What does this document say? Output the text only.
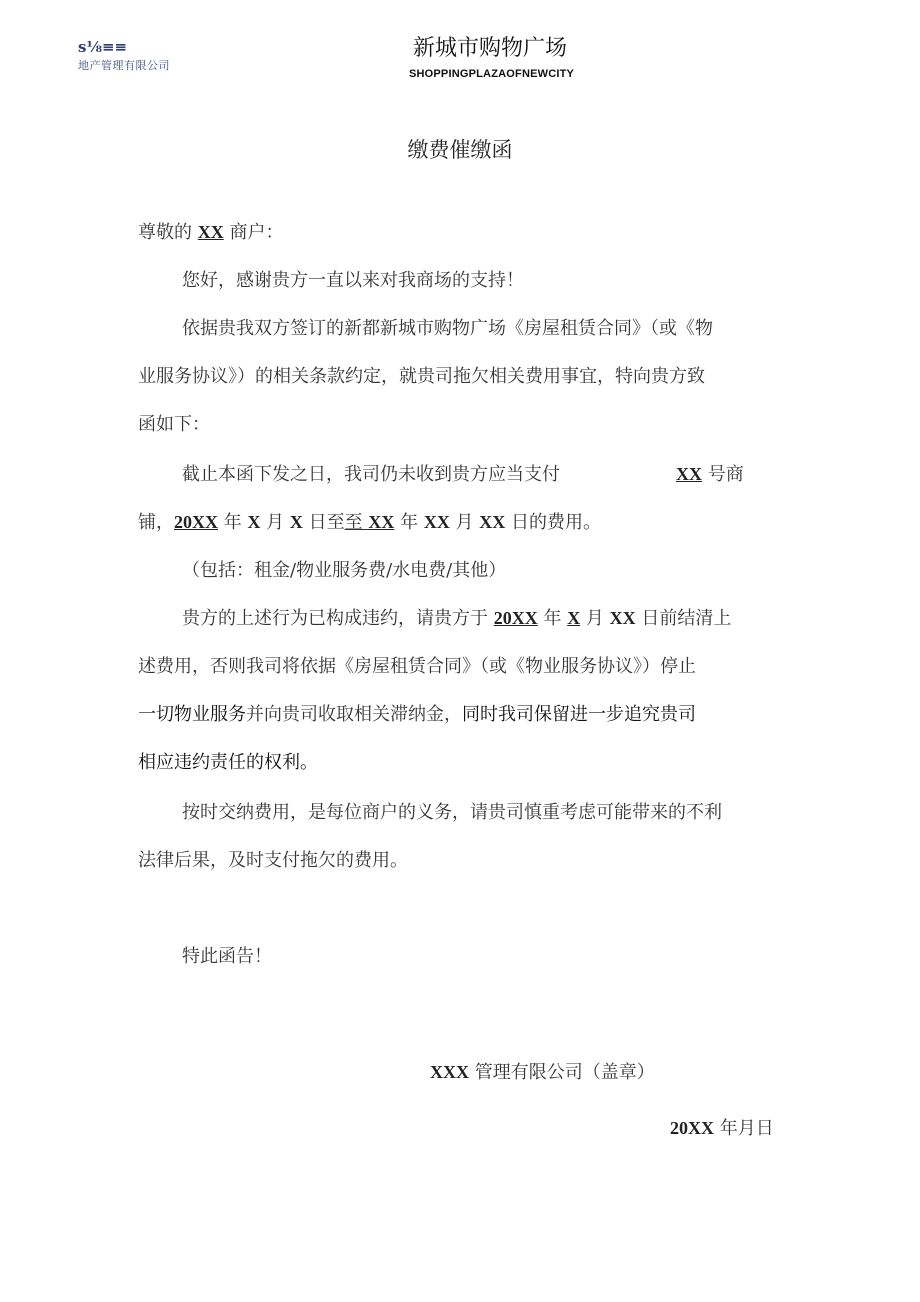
s⅛≡≡
地产管理有限公司
新城市购物广场
SHOPPINGPLAZAOFNEWCITY
缴费催缴函
尊敬的 XX 商户：
您好，感谢贵方一直以来对我商场的支持！
依据贵我双方签订的新都新城市购物广场《房屋租赁合同》（或《物
业服务协议》）的相关条款约定，就贵司拖欠相关费用事宜，特向贵方致
函如下：
截止本函下发之日，我司仍未收到贵方应当支付	XX 号商
铺，20XX 年 X 月 X 日至至 XX 年 XX 月 XX 日的费用。
（包括：租金/物业服务费/水电费/其他）
贵方的上述行为已构成违约，请贵方于 20XX 年 X 月 XX 日前结清上
述费用，否则我司将依据《房屋租赁合同》（或《物业服务协议》）停止
一切物业服务并向贵司收取相关滞纳金，同时我司保留进一步追究贵司
相应违约责任的权利。
按时交纳费用，是每位商户的义务，请贵司慎重考虑可能带来的不利
法律后果，及时支付拖欠的费用。
特此函告！
XXX 管理有限公司（盖章）
20XX 年月日
